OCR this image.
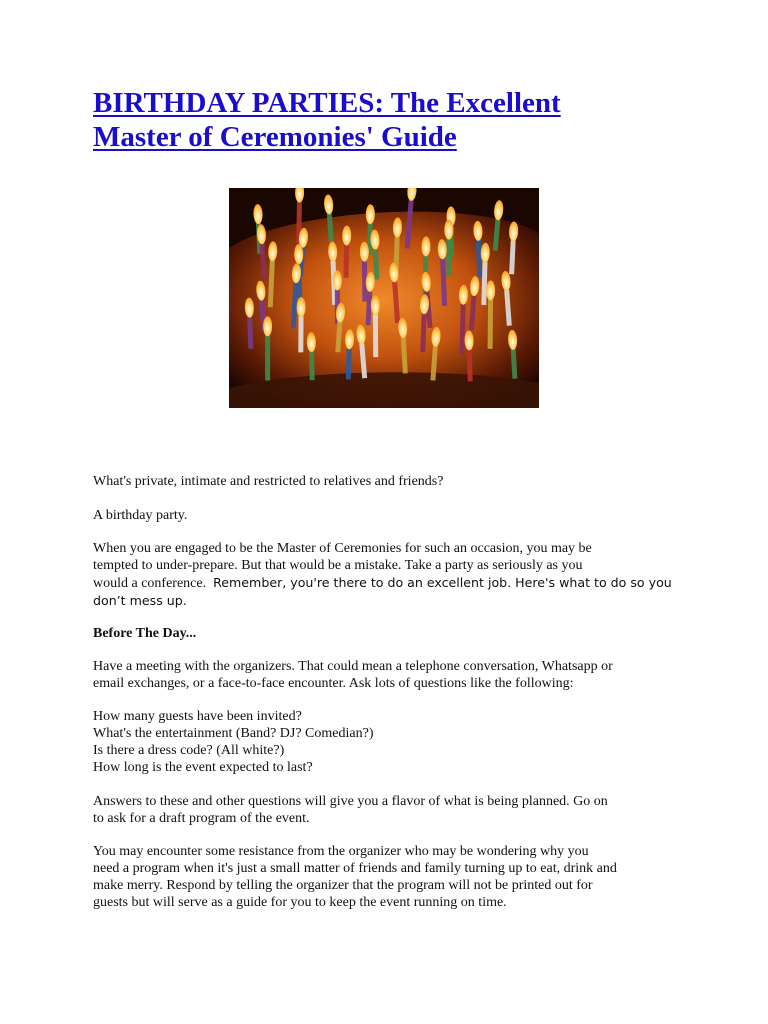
BIRTHDAY PARTIES: The Excellent
Master of Ceremonies' Guide

What's private, intimate and restricted to relatives and friends?

A birthday party.

When you are engaged to be the Master of Ceremonies for such an occasion, you may be

tempted to under-prepare. But that would be a mistake. Take a party as seriously as you

would a conference. Remember, you're there to do an excellent job. Here's what to do so you

don’t mess up.

Before The Day...

Have a meeting with the organizers. That could mean a telephone conversation, Whatsapp or

email exchanges, or a face-to-face encounter. Ask lots of questions like the following:

How many guests have been invited?

What's the entertainment (Band? DJ? Comedian?)

Is there a dress code? (All white?)

How long is the event expected to last?

Answers to these and other questions will give you a flavor of what is being planned. Go on

to ask for a draft program of the event.

You may encounter some resistance from the organizer who may be wondering why you

need a program when it's just a small matter of friends and family turning up to eat, drink and

make merry. Respond by telling the organizer that the program will not be printed out for

guests but will serve as a guide for you to keep the event running on time.
